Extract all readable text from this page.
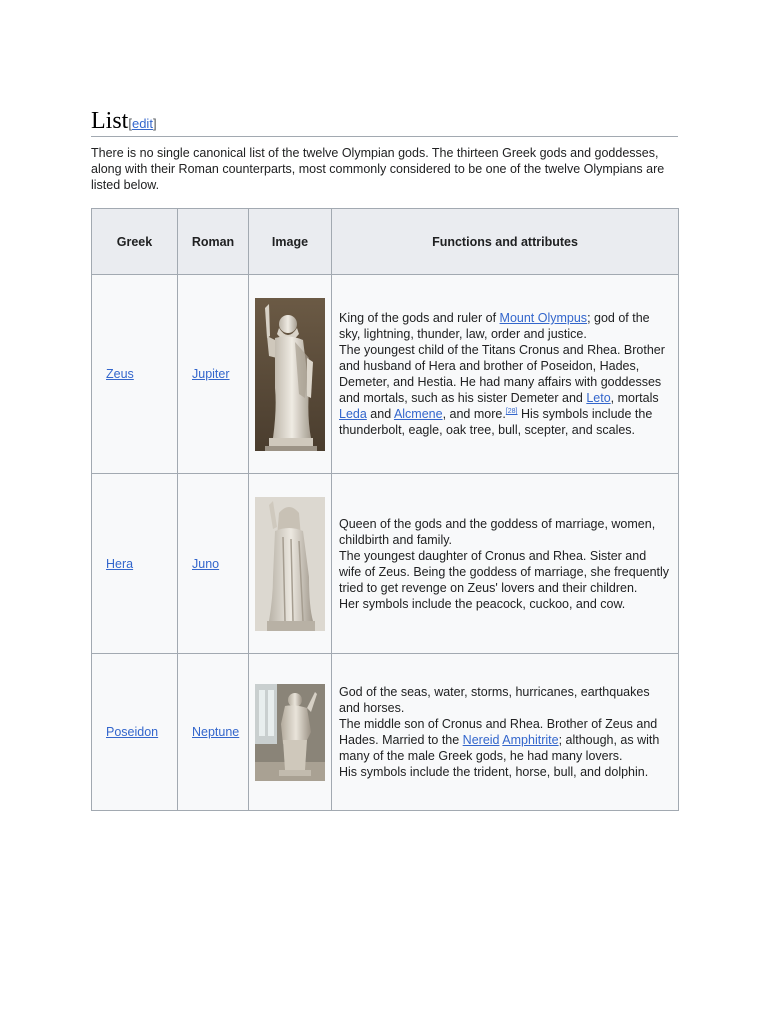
List[edit]

There is no single canonical list of the twelve Olympian gods. The thirteen Greek gods and goddesses, along with their Roman counterparts, most commonly considered to be one of the twelve Olympians are listed below.

Greek	Roman	Image	Functions and attributes
Zeus	Jupiter		King of the gods and ruler of Mount Olympus; god of the sky, lightning, thunder, law, order and justice.
The youngest child of the Titans Cronus and Rhea. Brother and husband of Hera and brother of Poseidon, Hades, Demeter, and Hestia. He had many affairs with goddesses and mortals, such as his sister Demeter and Leto, mortals Leda and Alcmene, and more.[28] His symbols include the thunderbolt, eagle, oak tree, bull, scepter, and scales.
Hera	Juno		Queen of the gods and the goddess of marriage, women, childbirth and family.
The youngest daughter of Cronus and Rhea. Sister and wife of Zeus. Being the goddess of marriage, she frequently tried to get revenge on Zeus' lovers and their children.
Her symbols include the peacock, cuckoo, and cow.
Poseidon	Neptune		God of the seas, water, storms, hurricanes, earthquakes and horses.
The middle son of Cronus and Rhea. Brother of Zeus and Hades. Married to the Nereid Amphitrite; although, as with many of the male Greek gods, he had many lovers.
His symbols include the trident, horse, bull, and dolphin.
